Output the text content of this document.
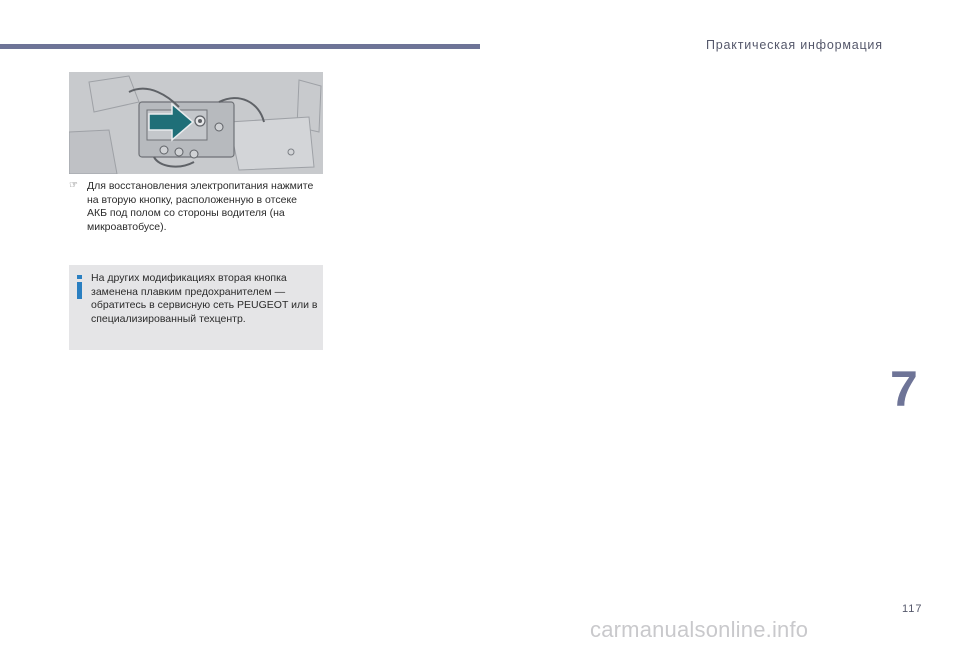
Практическая информация
☞ Для восстановления электропитания нажмите
на вторую кнопку, расположенную в отсеке
АКБ под полом со стороны водителя (на
микроавтобусе).
На других модификациях вторая кнопка
заменена плавким предохранителем —
обратитесь в сервисную сеть PEUGEOT или в
специализированный техцентр.
7
117
carmanualsonline.info
